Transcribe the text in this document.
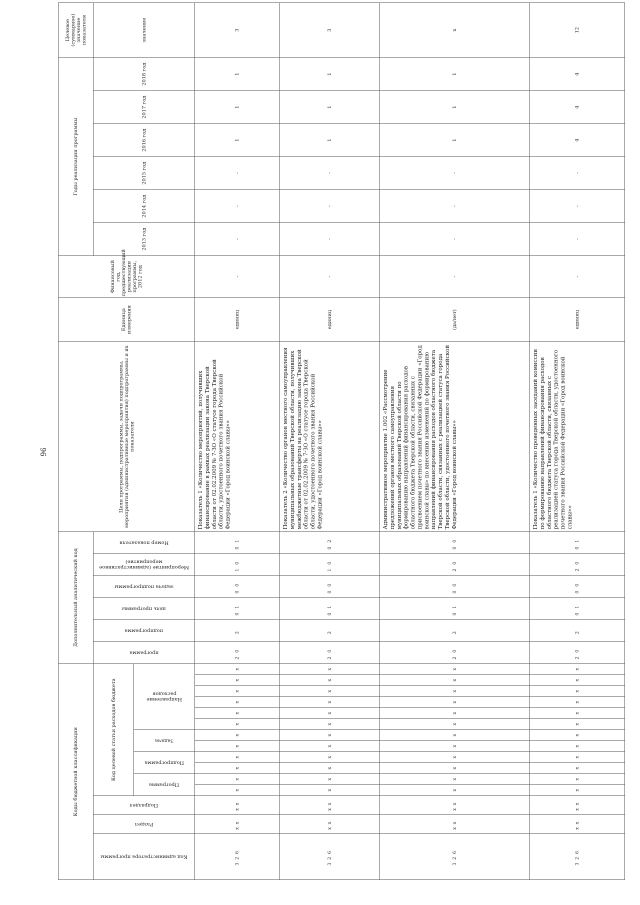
96
Коды бюджетной классификации															Дополнительный аналитический код						Цели программы, подпрограммы, задачи подпрограммы, мероприятия (административные мероприятия) подпрограммы и их показатели	Единица измерения	Финансовый год, предшествующий реализации программы, 2012 год	Годы реализации программы						Целевое (суммарное) значение показателя

Код администратора программы	Раздел	Подраздел	Код целевой статьи расходов бюджета												программа	подпрограмма	цель программы	задача подпрограммы	Мероприятие (административное мероприятие)	Номер показателя				2013 год	2014 год	2015 год	2016 год	2017 год	2018 год	значение

			Программа		Подпрограмма		Задача		Направление расходов																					

326	xx	xx	x	x	x	x	x	x	x	x	x	x	x	x	20	2	01	00	10	01	Показатель 1 «Количество мероприятий, получивших финансирование в рамках реализации закона Тверской области от 02.02.2009 № 7-ЗО «О статусе города Тверской области, удостоенного почетного звания Российской Федерации «Город воинской славы»»	единиц	-	-	-	-	1	1	1	3
326	xx	xx	x	x	x	x	x	x	x	x	x	x	x	x	20	2	01	00	10	02	Показатель 2 «Количество органов местного самоуправления муниципальных образований Тверской области, получивших межбюджетные трансферты на реализацию закона Тверской области от 02.02.2009 № 7-ЗО «О статусе города Тверской области, удостоенного почетного звания Российской Федерации «Город воинской славы»»	единиц	-	-	-	-	1	1	1	3
326	xx	xx	x	x	x	x	x	x	x	x	x	x	x	x	20	2	01	00	20	00	Административное мероприятие 1.002 «Рассмотрение предложений органов местного самоуправления муниципальных образований Тверской области по формированию направлений финансирования расходов областного бюджета Тверской области, связанных с присвоением почетного звания Российской Федерации «Город воинской славы» по внесению изменений по формированию направлений финансирования расходов областного бюджета Тверской области, связанных с реализацией статуса города Тверской области, удостоенного почетного звания Российской Федерации «Город воинской славы»»	(да/нет)	-	-	-	-	1	1	1	x
326	xx	xx	x	x	x	x	x	x	x	x	x	x	x	x	20	2	01	00	20	01	Показатель 1 «Количество проведенных заседаний комиссии по формированию направлений финансирования расходов областного бюджета Тверской области, связанных с реализацией статуса города Тверской области, удостоенного почетного звания Российской Федерации «Город воинской славы»»	единиц	-	-	-	-	4	4	4	12
